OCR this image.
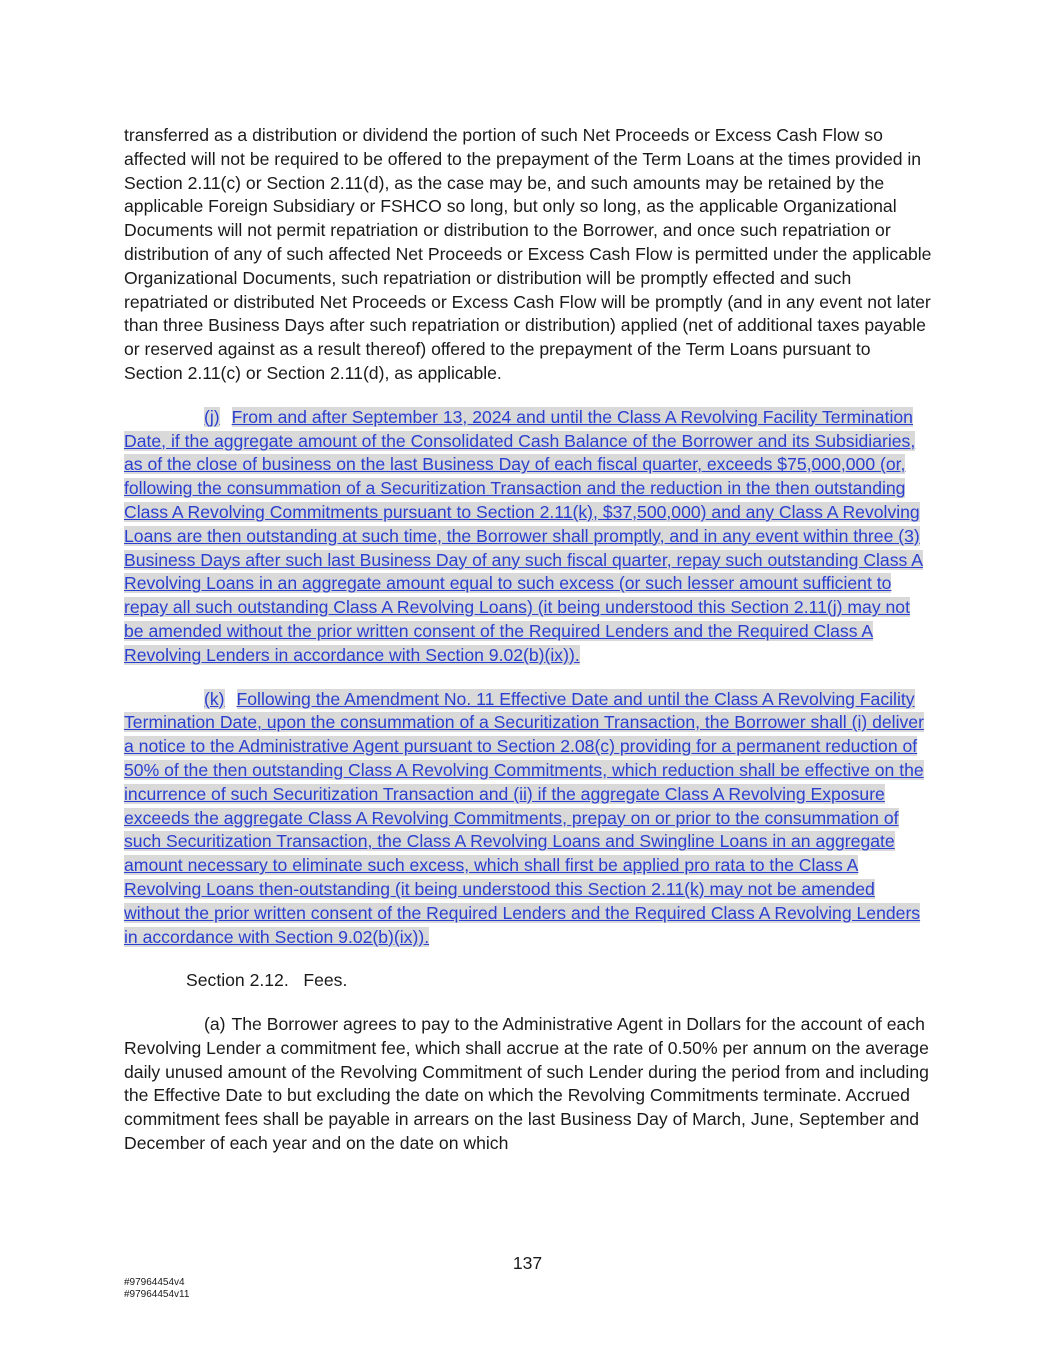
transferred as a distribution or dividend the portion of such Net Proceeds or Excess Cash Flow so affected will not be required to be offered to the prepayment of the Term Loans at the times provided in Section 2.11(c) or Section 2.11(d), as the case may be, and such amounts may be retained by the applicable Foreign Subsidiary or FSHCO so long, but only so long, as the applicable Organizational Documents will not permit repatriation or distribution to the Borrower, and once such repatriation or distribution of any of such affected Net Proceeds or Excess Cash Flow is permitted under the applicable Organizational Documents, such repatriation or distribution will be promptly effected and such repatriated or distributed Net Proceeds or Excess Cash Flow will be promptly (and in any event not later than three Business Days after such repatriation or distribution) applied (net of additional taxes payable or reserved against as a result thereof) offered to the prepayment of the Term Loans pursuant to Section 2.11(c) or Section 2.11(d), as applicable.

(j) From and after September 13, 2024 and until the Class A Revolving Facility Termination Date, if the aggregate amount of the Consolidated Cash Balance of the Borrower and its Subsidiaries, as of the close of business on the last Business Day of each fiscal quarter, exceeds $75,000,000 (or, following the consummation of a Securitization Transaction and the reduction in the then outstanding Class A Revolving Commitments pursuant to Section 2.11(k), $37,500,000) and any Class A Revolving Loans are then outstanding at such time, the Borrower shall promptly, and in any event within three (3) Business Days after such last Business Day of any such fiscal quarter, repay such outstanding Class A Revolving Loans in an aggregate amount equal to such excess (or such lesser amount sufficient to repay all such outstanding Class A Revolving Loans) (it being understood this Section 2.11(j) may not be amended without the prior written consent of the Required Lenders and the Required Class A Revolving Lenders in accordance with Section 9.02(b)(ix)).

(k) Following the Amendment No. 11 Effective Date and until the Class A Revolving Facility Termination Date, upon the consummation of a Securitization Transaction, the Borrower shall (i) deliver a notice to the Administrative Agent pursuant to Section 2.08(c) providing for a permanent reduction of 50% of the then outstanding Class A Revolving Commitments, which reduction shall be effective on the incurrence of such Securitization Transaction and (ii) if the aggregate Class A Revolving Exposure exceeds the aggregate Class A Revolving Commitments, prepay on or prior to the consummation of such Securitization Transaction, the Class A Revolving Loans and Swingline Loans in an aggregate amount necessary to eliminate such excess, which shall first be applied pro rata to the Class A Revolving Loans then-outstanding (it being understood this Section 2.11(k) may not be amended without the prior written consent of the Required Lenders and the Required Class A Revolving Lenders in accordance with Section 9.02(b)(ix)).

Section 2.12.   Fees.

(a) The Borrower agrees to pay to the Administrative Agent in Dollars for the account of each Revolving Lender a commitment fee, which shall accrue at the rate of 0.50% per annum on the average daily unused amount of the Revolving Commitment of such Lender during the period from and including the Effective Date to but excluding the date on which the Revolving Commitments terminate. Accrued commitment fees shall be payable in arrears on the last Business Day of March, June, September and December of each year and on the date on which

137
#97964454v4
#97964454v11
